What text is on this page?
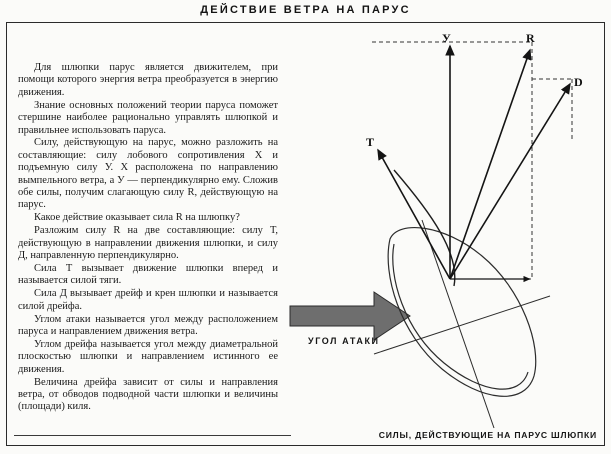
ДЕЙСТВИЕ ВЕТРА НА ПАРУС

Для шлюпки парус является движителем, при помощи которого энергия ветра преобразуется в энергию движения.

Знание основных положений теории паруса поможет стершине наиболее рационально управлять шлюпкой и правильнее использовать паруса.

Силу, действующую на парус, можно разложить на составляющие: силу лобового сопротивления X и подъемную силу У. X расположена по направлению вымпельного ветра, а У — перпендикулярно ему. Сложив обе силы, получим слагающую силу R, действующую на парус.

Какое действие оказывает сила R на шлюпку?

Разложим силу R на две составляющие: силу Т, действующую в направлении движения шлюпки, и силу Д, направленную перпендикулярно.

Сила Т вызывает движение шлюпки вперед и называется силой тяги.

Сила Д вызывает дрейф и крен шлюпки и называется силой дрейфа.

Углом атаки называется угол между расположением паруса и направлением движения ветра.

Углом дрейфа называется угол между диаметральной плоскостью шлюпки и направлением истинного ее движения.

Величина дрейфа зависит от силы и направления ветра, от обводов подводной части шлюпки и величины (площади) киля.

У	R
D
T
УГОЛ АТАКИ
СИЛЫ, ДЕЙСТВУЮЩИЕ НА ПАРУС ШЛЮПКИ
